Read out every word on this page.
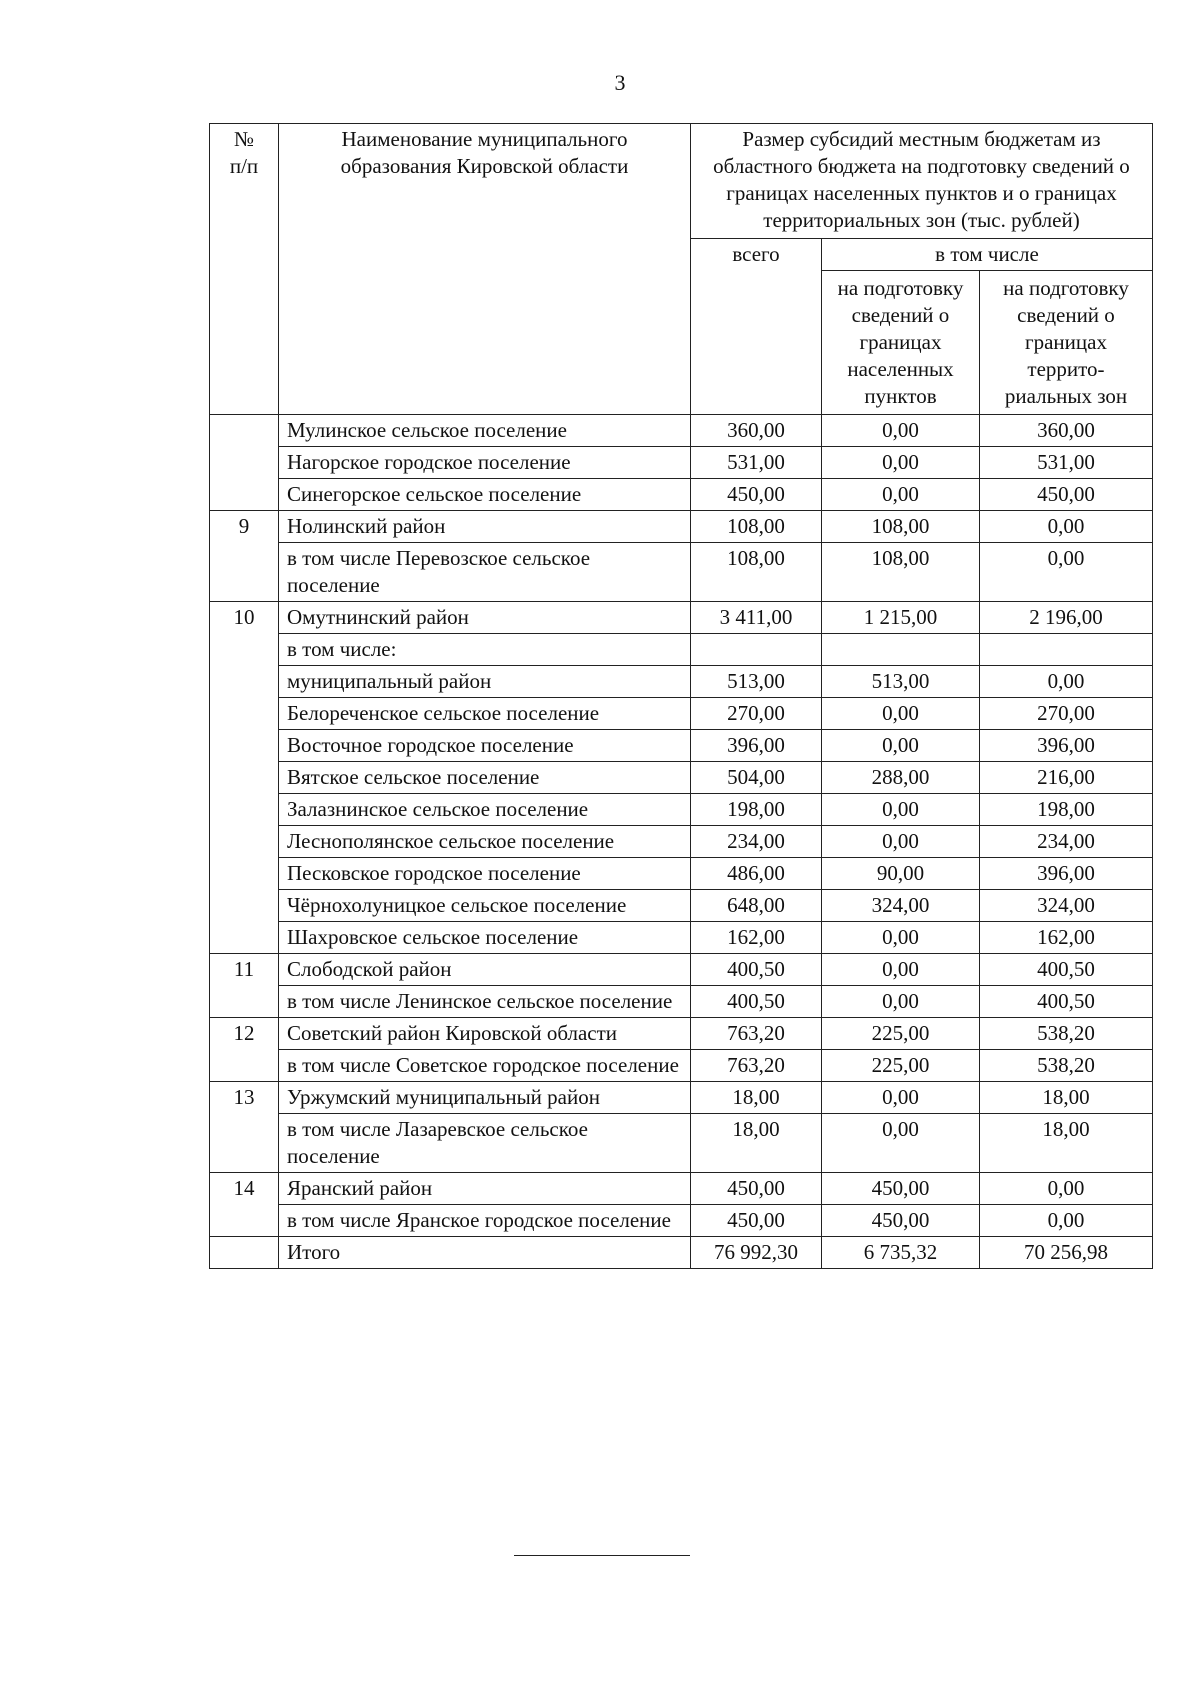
3
№
п/п	Наименование муниципального образования Кировской области	Размер субсидий местным бюджетам из областного бюджета на подготовку сведений о границах населенных пунктов и о границах территориальных зон (тыс. рублей)		
		всего	в том числе	
			на подготовку сведений о границах населенных пунктов	на подготовку сведений о границах террито-риальных зон
	Мулинское сельское поселение	360,00	0,00	360,00
	Нагорское городское поселение	531,00	0,00	531,00
	Синегорское сельское поселение	450,00	0,00	450,00
9	Нолинский район	108,00	108,00	0,00
	в том числе Перевозское сельское поселение	108,00	108,00	0,00
10	Омутнинский район	3 411,00	1 215,00	2 196,00
	в том числе:			
	муниципальный район	513,00	513,00	0,00
	Белореченское сельское поселение	270,00	0,00	270,00
	Восточное городское поселение	396,00	0,00	396,00
	Вятское сельское поселение	504,00	288,00	216,00
	Залазнинское сельское поселение	198,00	0,00	198,00
	Леснополянское сельское поселение	234,00	0,00	234,00
	Песковское городское поселение	486,00	90,00	396,00
	Чёрнохолуницкое сельское поселение	648,00	324,00	324,00
	Шахровское сельское поселение	162,00	0,00	162,00
11	Слободской район	400,50	0,00	400,50
	в том числе Ленинское сельское поселение	400,50	0,00	400,50
12	Советский район Кировской области	763,20	225,00	538,20
	в том числе Советское городское поселение	763,20	225,00	538,20
13	Уржумский муниципальный район	18,00	0,00	18,00
	в том числе Лазаревское сельское поселение	18,00	0,00	18,00
14	Яранский район	450,00	450,00	0,00
	в том числе Яранское городское поселение	450,00	450,00	0,00
	Итого	76 992,30	6 735,32	70 256,98
